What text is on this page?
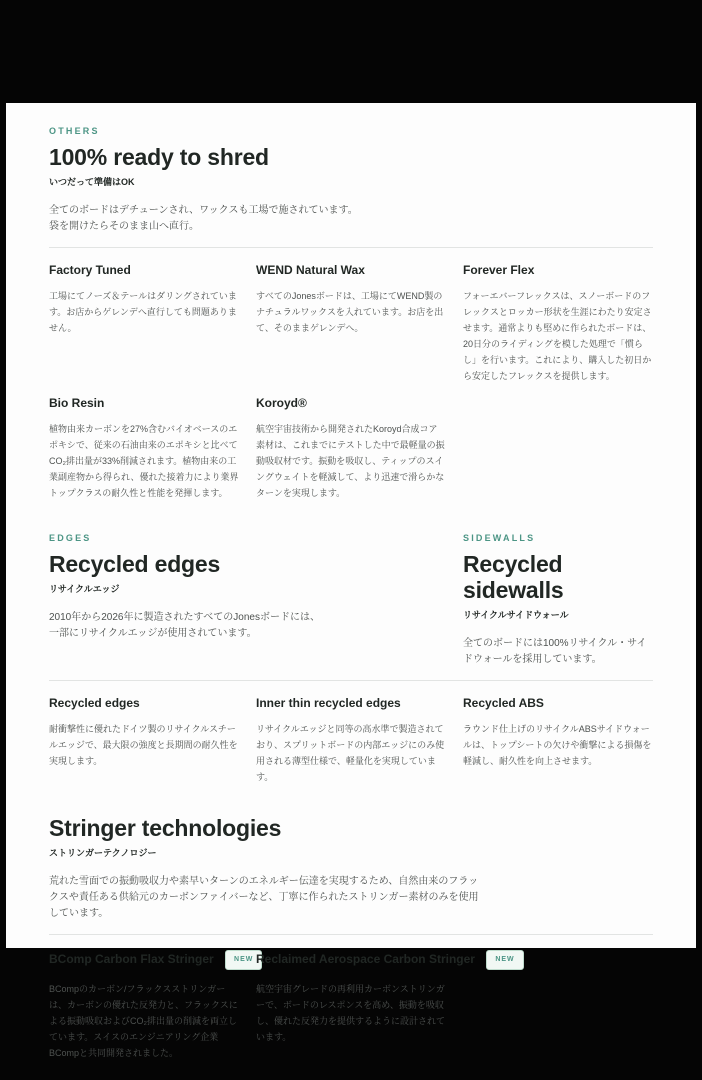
OTHERS
100% ready to shred
いつだって準備はOK
全てのボードはデチューンされ、ワックスも工場で施されています。
袋を開けたらそのまま山へ直行。
Factory Tuned
工場にてノーズ＆テールはダリングされています。お店からゲレンデへ直行しても問題ありません。
WEND Natural Wax
すべてのJonesボードは、工場にてWEND製のナチュラルワックスを入れています。お店を出て、そのままゲレンデへ。
Forever Flex
フォーエバーフレックスは、スノーボードのフレックスとロッカー形状を生涯にわたり安定させます。通常よりも堅めに作られたボードは、20日分のライディングを模した処理で「慣らし」を行います。これにより、購入した初日から安定したフレックスを提供します。
Bio Resin
植物由来カーボンを27%含むバイオベースのエポキシで、従来の石油由来のエポキシと比べてCO₂排出量が33%削減されます。植物由来の工業副産物から得られ、優れた接着力により業界トップクラスの耐久性と性能を発揮します。
Koroyd®
航空宇宙技術から開発されたKoroyd合成コア素材は、これまでにテストした中で最軽量の振動吸収材です。振動を吸収し、ティップのスイングウェイトを軽減して、より迅速で滑らかなターンを実現します。
EDGES
Recycled edges
リサイクルエッジ
2010年から2026年に製造されたすべてのJonesボードには、
一部にリサイクルエッジが使用されています。
SIDEWALLS
Recycled sidewalls
リサイクルサイドウォール
全てのボードには100%リサイクル・サイドウォールを採用しています。
Recycled edges
耐衝撃性に優れたドイツ製のリサイクルスチールエッジで、最大限の強度と長期間の耐久性を実現します。
Inner thin recycled edges
リサイクルエッジと同等の高水準で製造されており、スプリットボードの内部エッジにのみ使用される薄型仕様で、軽量化を実現しています。
Recycled ABS
ラウンド仕上げのリサイクルABSサイドウォールは、トップシートの欠けや衝撃による損傷を軽減し、耐久性を向上させます。
Stringer technologies
ストリンガーテクノロジー
荒れた雪面での振動吸収力や素早いターンのエネルギー伝達を実現するため、自然由来のフラックスや責任ある供給元のカーボンファイバーなど、丁寧に作られたストリンガー素材のみを使用しています。
BComp Carbon Flax Stringer	NEW
BCompのカーボン/フラックスストリンガーは、カーボンの優れた反発力と、フラックスによる振動吸収およびCO₂排出量の削減を両立しています。スイスのエンジニアリング企業BCompと共同開発されました。
Reclaimed Aerospace Carbon Stringer	NEW
航空宇宙グレードの再利用カーボンストリンガーで、ボードのレスポンスを高め、振動を吸収し、優れた反発力を提供するように設計されています。
